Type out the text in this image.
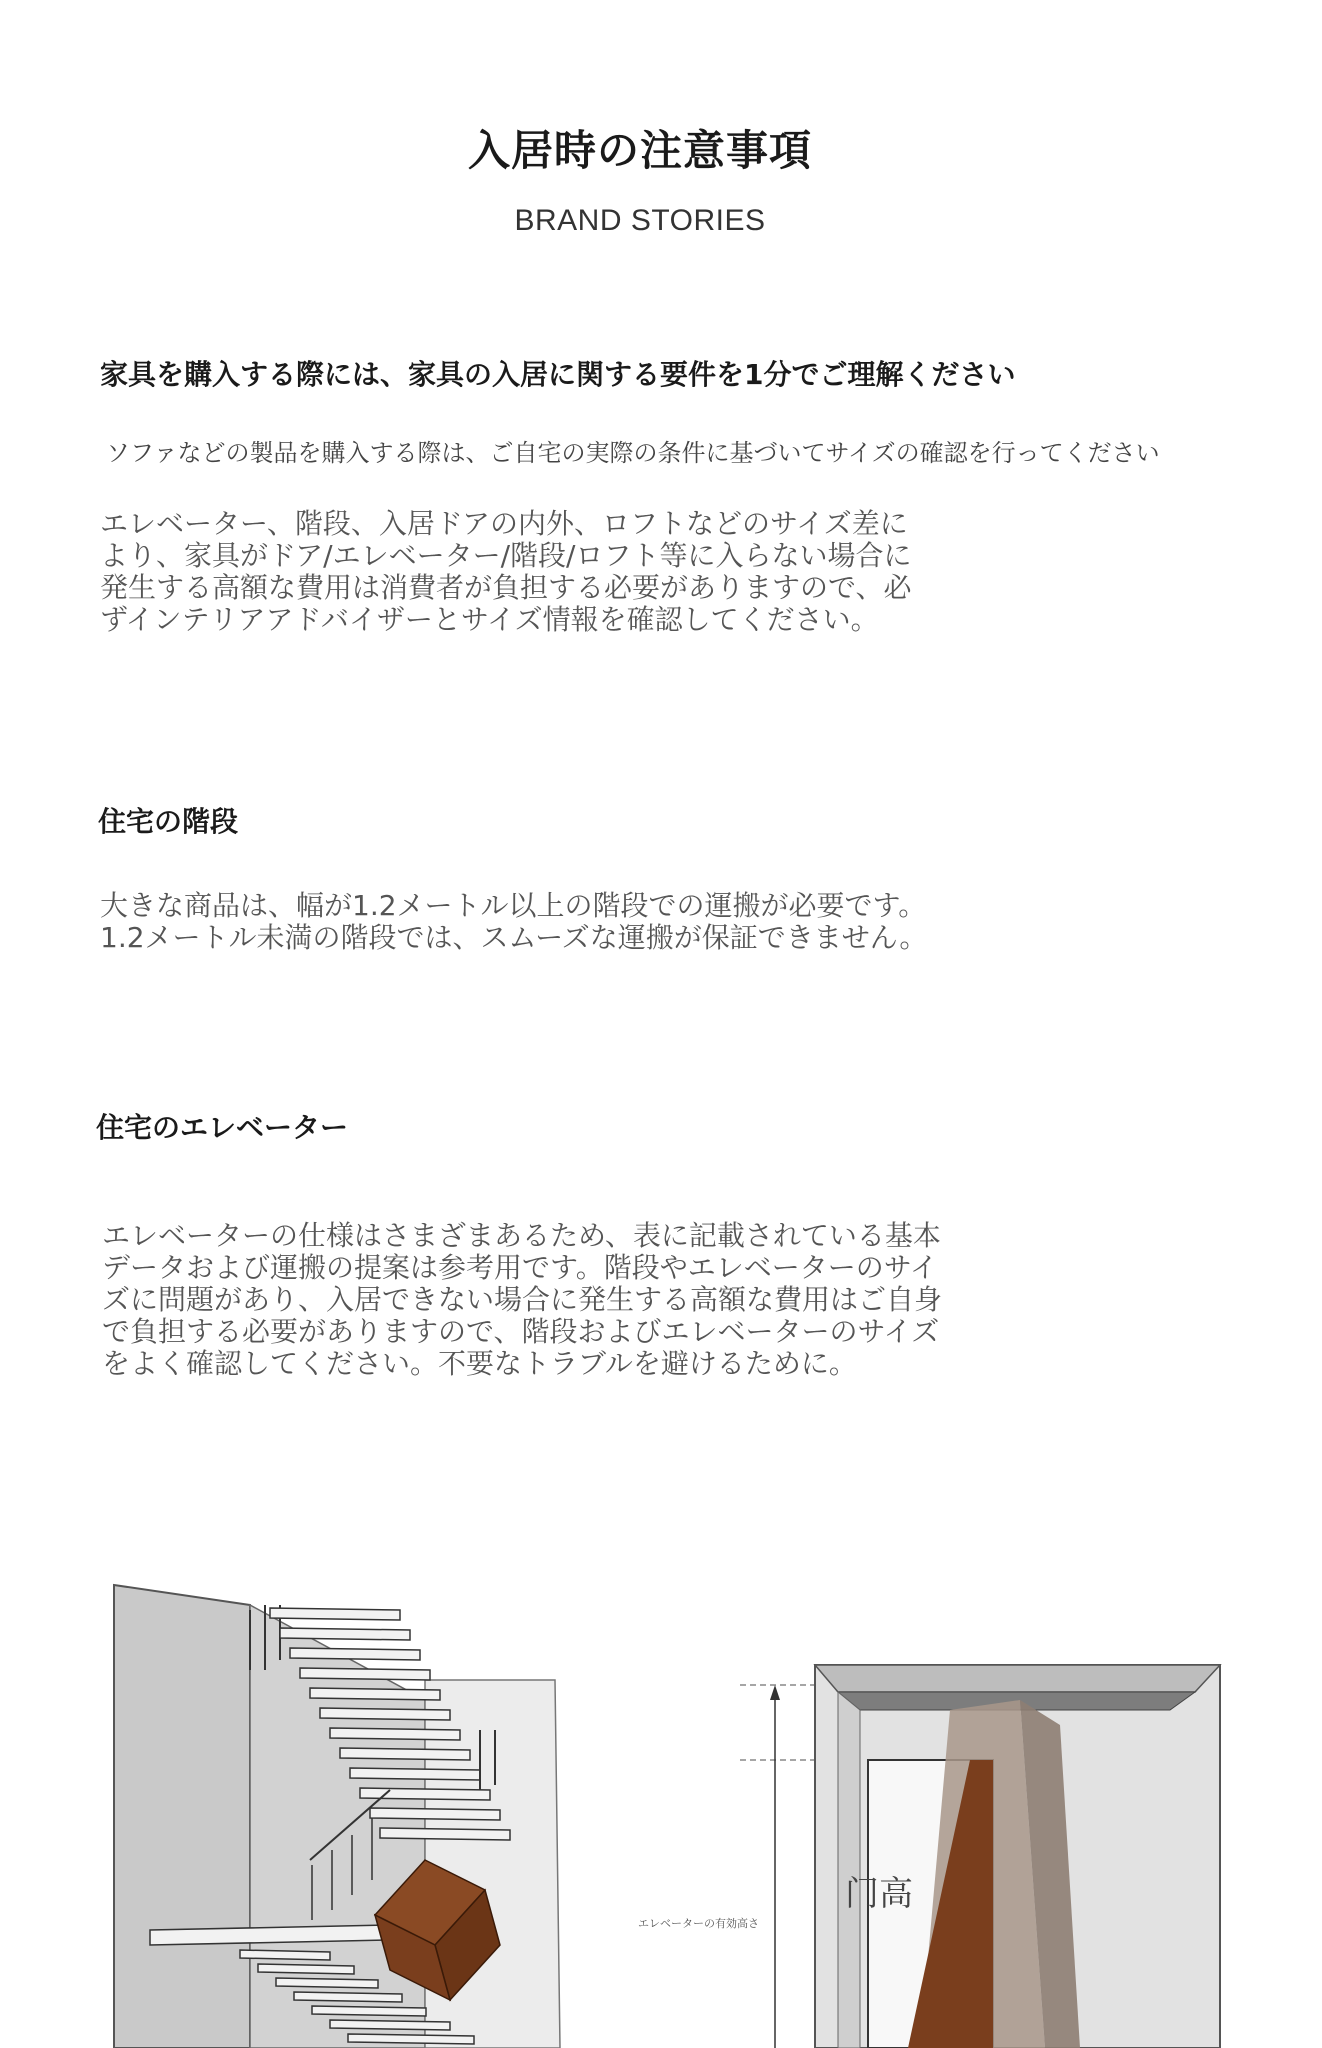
入居時の注意事項
BRAND STORIES
家具を購入する際には、家具の入居に関する要件を1分でご理解ください
ソファなどの製品を購入する際は、ご自宅の実際の条件に基づいてサイズの確認を行ってください
エレベーター、階段、入居ドアの内外、ロフトなどのサイズ差に
より、家具がドア/エレベーター/階段/ロフト等に入らない場合に
発生する高額な費用は消費者が負担する必要がありますので、必
ずインテリアアドバイザーとサイズ情報を確認してください。
住宅の階段
大きな商品は、幅が1.2メートル以上の階段での運搬が必要です。
1.2メートル未満の階段では、スムーズな運搬が保証できません。
住宅のエレベーター
エレベーターの仕様はさまざまあるため、表に記載されている基本
データおよび運搬の提案は参考用です。階段やエレベーターのサイ
ズに問題があり、入居できない場合に発生する高額な費用はご自身
で負担する必要がありますので、階段およびエレベーターのサイズ
をよく確認してください。不要なトラブルを避けるために。
エレベーターの有効高さ
门高
